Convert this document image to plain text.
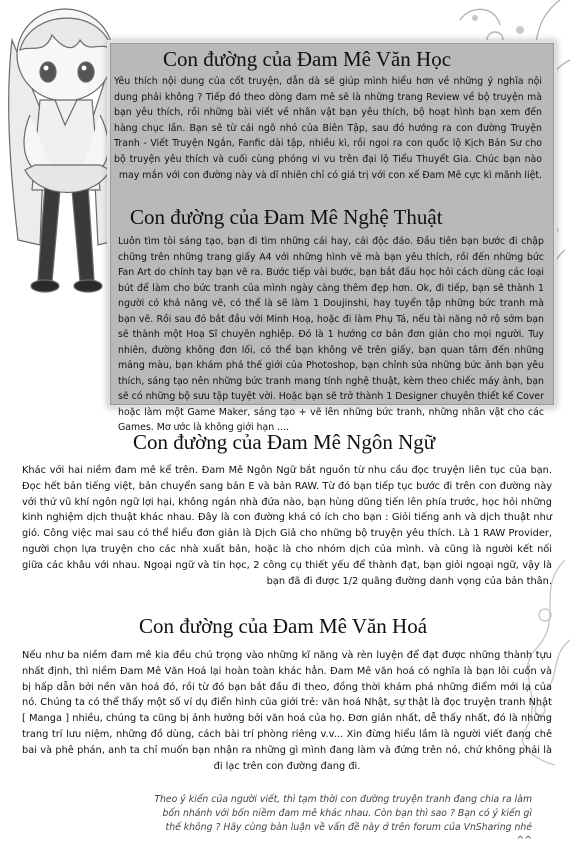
Con đường của Đam Mê Văn Học

Yêu thích nội dung của cốt truyện, dẫn dà sẽ giúp mình hiểu hơn về những ý nghĩa nội dung phải không ? Tiếp đó theo dòng đam mê sẽ là những trang Review về bộ truyện mà bạn yêu thích, rồi những bài viết về nhân vật bạn yêu thích, bộ hoạt hình bạn xem đến hàng chục lần. Bạn sẽ từ cái ngõ nhỏ của Biên Tập, sau đó hướng ra con đường Truyện Tranh - Viết Truyện Ngắn, Fanfic dài tập, nhiều kì, rồi ngoi ra con quốc lộ Kịch Bản Sư cho bộ truyện yêu thích và cuối cùng phóng vi vu trên đại lộ Tiểu Thuyết Gia. Chúc bạn nào may mắn với con đường này và dĩ nhiên chỉ có giá trị với con xế Đam Mê cực kì mãnh liệt.

Con đường của Đam Mê Nghệ Thuật

Luôn tìm tòi sáng tạo, bạn đi tìm những cái hay, cái độc đáo. Đầu tiên bạn bước đi chập chững trên những trang giấy A4 với những hình vẽ mà bạn yêu thích, rồi đến những bức Fan Art do chính tay bạn vẽ ra. Bước tiếp vài bước, bạn bắt đầu học hỏi cách dùng các loại bút để làm cho bức tranh của mình ngày càng thêm đẹp hơn. Ok, đi tiếp, bạn sẽ thành 1 người có khả năng vẽ, có thể là sẽ làm 1 Doujinshi, hay tuyển tập những bức tranh mà bạn vẽ. Rồi sau đó bắt đầu với Minh Hoạ, hoặc đi làm Phụ Tá, nếu tài năng nở rộ sớm bạn sẽ thành một Hoạ Sĩ chuyên nghiệp. Đó là 1 hướng cơ bản đơn giản cho mọi người. Tuy nhiên, đường không đơn lối, có thể bạn không vẽ trên giấy, bạn quan tâm đến những mảng màu, bạn khám phá thế giới của Photoshop, bạn chỉnh sửa những bức ảnh bạn yêu thích, sáng tạo nên những bức tranh mang tính nghệ thuật, kèm theo chiếc máy ảnh, bạn sẽ có những bộ sưu tập tuyệt vời. Hoặc bạn sẽ trở thành 1 Designer chuyên thiết kế Cover hoặc làm một Game Maker, sáng tạo + vẽ lên những bức tranh, những nhân vật cho các Games. Mơ ước là không giới hạn ....

Con đường của Đam Mê Ngôn Ngữ

Khác với hai niềm đam mê kể trên. Đam Mê Ngôn Ngữ bắt nguồn từ nhu cầu đọc truyện liên tục của bạn. Đọc hết bản tiếng việt, bản chuyển sang bản E và bản RAW. Từ đó bạn tiếp tục bước đi trên con đường này với thứ vũ khí ngôn ngữ lợi hại, không ngán nhà đứa nào, bạn hùng dũng tiến lên phía trước, học hỏi những kinh nghiệm dịch thuật khác nhau. Đây là con đường khá có ích cho bạn : Giỏi tiếng anh và dịch thuật như gió. Công việc mai sau có thể hiểu đơn giản là Dịch Giả cho những bộ truyện yêu thích. Là 1 RAW Provider, người chọn lựa truyện cho các nhà xuất bản, hoặc là cho nhóm dịch của mình. và cũng là người kết nối giữa các khâu với nhau. Ngoại ngữ và tin học, 2 công cụ thiết yếu để thành đạt, bạn giỏi ngoại ngữ, vậy là bạn đã đi được 1/2 quãng đường danh vọng của bản thân.

Con đường của Đam Mê Văn Hoá

Nếu như ba niềm đam mê kia đều chú trọng vào những kĩ năng và rèn luyện để đạt được những thành tựu nhất định, thì niềm Đam Mê Văn Hoá lại hoàn toàn khác hẳn. Đam Mê văn hoá có nghĩa là bạn lôi cuốn và bị hấp dẫn bởi nền văn hoá đó, rồi từ đó bạn bắt đầu đi theo, đồng thời khám phá những điểm mới lạ của nó. Chúng ta có thể thấy một số ví dụ điển hình của giới trẻ: văn hoá Nhật, sự thật là đọc truyện tranh Nhật [ Manga ] nhiều, chúng ta cũng bị ảnh hưởng bởi văn hoá của họ. Đơn giản nhất, dễ thấy nhất, đó là những trang trí lưu niệm, những đồ dùng, cách bài trí phòng riêng v.v... Xin đừng hiểu lầm là người viết đang chê bai và phê phán, anh ta chỉ muốn bạn nhận ra những gì mình đang làm và đứng trên nó, chứ không phải là đi lạc trên con đường đang đi.

Theo ý kiến của người viết, thì tạm thời con đường truyện tranh đang chia ra làm bốn nhánh với bốn niềm đam mê khác nhau. Còn bạn thì sao ? Bạn có ý kiến gì thế không ? Hãy cùng bàn luận về vấn đề này ở trên forum của VnSharing nhé ^^
